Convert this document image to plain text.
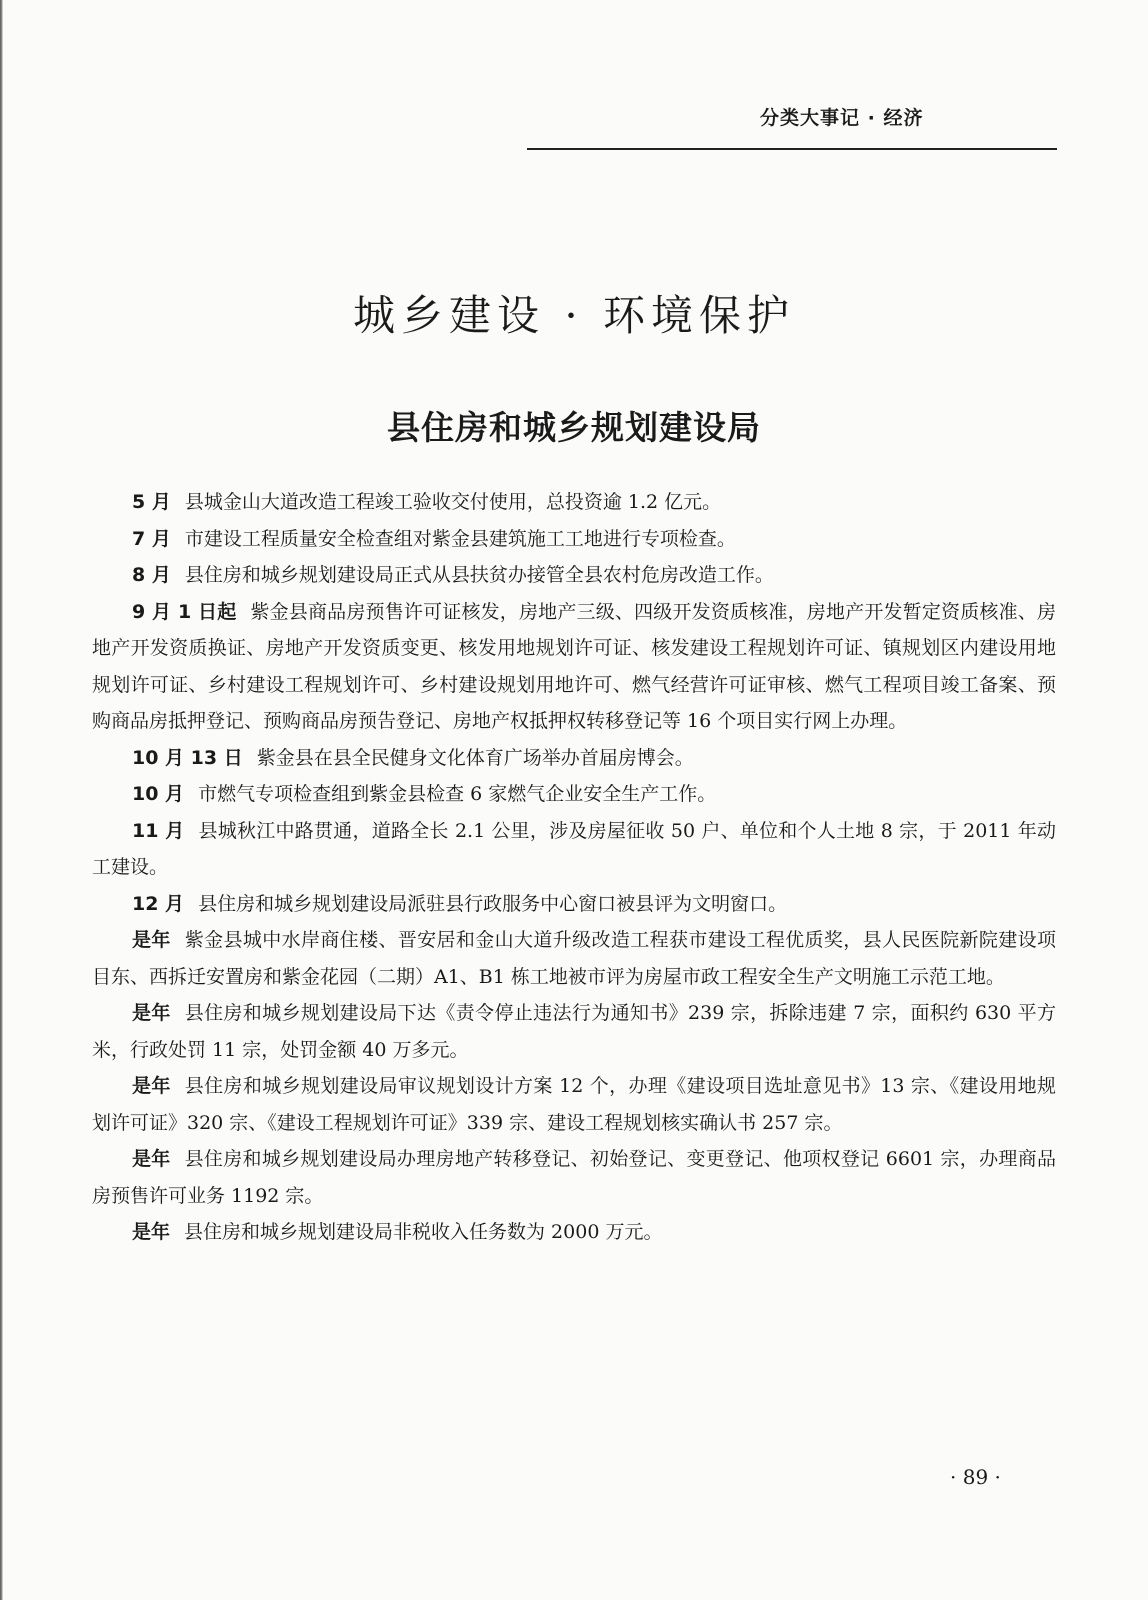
分类大事记 · 经济
城乡建设 · 环境保护
县住房和城乡规划建设局

5 月 县城金山大道改造工程竣工验收交付使用，总投资逾 1.2 亿元。

7 月 市建设工程质量安全检查组对紫金县建筑施工工地进行专项检查。

8 月 县住房和城乡规划建设局正式从县扶贫办接管全县农村危房改造工作。

9 月 1 日起 紫金县商品房预售许可证核发，房地产三级、四级开发资质核准，房地产开发暂定资质核准、房地产开发资质换证、房地产开发资质变更、核发用地规划许可证、核发建设工程规划许可证、镇规划区内建设用地规划许可证、乡村建设工程规划许可、乡村建设规划用地许可、燃气经营许可证审核、燃气工程项目竣工备案、预购商品房抵押登记、预购商品房预告登记、房地产权抵押权转移登记等 16 个项目实行网上办理。

10 月 13 日 紫金县在县全民健身文化体育广场举办首届房博会。

10 月 市燃气专项检查组到紫金县检查 6 家燃气企业安全生产工作。

11 月 县城秋江中路贯通，道路全长 2.1 公里，涉及房屋征收 50 户、单位和个人土地 8 宗，于 2011 年动工建设。

12 月 县住房和城乡规划建设局派驻县行政服务中心窗口被县评为文明窗口。

是年 紫金县城中水岸商住楼、晋安居和金山大道升级改造工程获市建设工程优质奖，县人民医院新院建设项目东、西拆迁安置房和紫金花园（二期）A1、B1 栋工地被市评为房屋市政工程安全生产文明施工示范工地。

是年 县住房和城乡规划建设局下达《责令停止违法行为通知书》239 宗，拆除违建 7 宗，面积约 630 平方米，行政处罚 11 宗，处罚金额 40 万多元。

是年 县住房和城乡规划建设局审议规划设计方案 12 个，办理《建设项目选址意见书》13 宗、《建设用地规划许可证》320 宗、《建设工程规划许可证》339 宗、建设工程规划核实确认书 257 宗。

是年 县住房和城乡规划建设局办理房地产转移登记、初始登记、变更登记、他项权登记 6601 宗，办理商品房预售许可业务 1192 宗。

是年 县住房和城乡规划建设局非税收入任务数为 2000 万元。

· 89 ·
